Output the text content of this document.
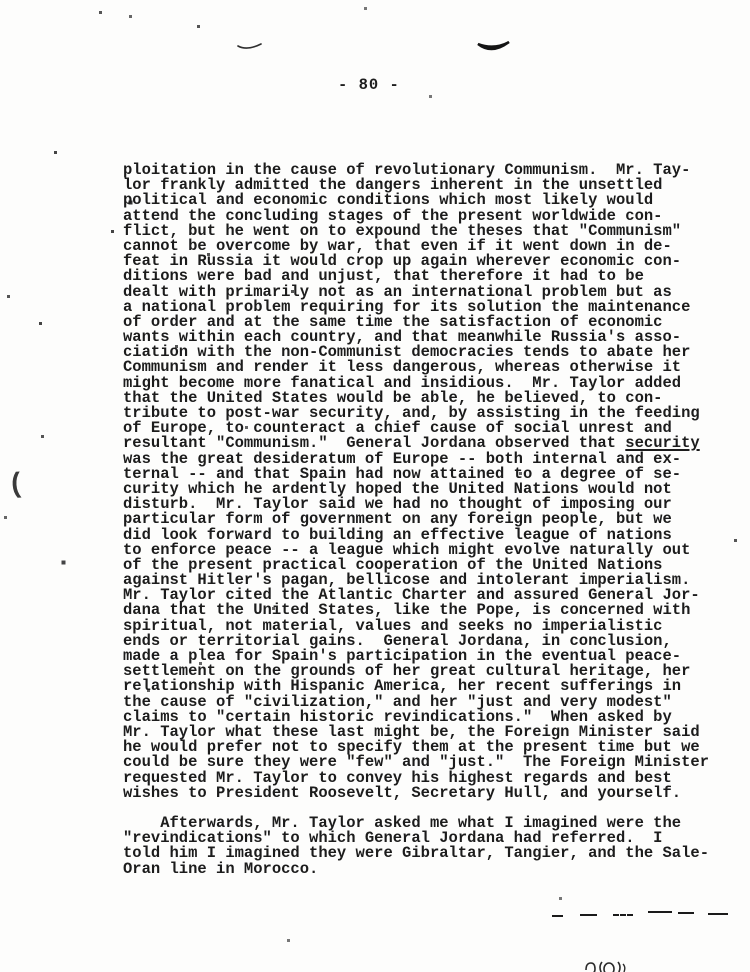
(
- 80 -
ploitation in the cause of revolutionary Communism.  Mr. Tay-
lor frankly admitted the dangers inherent in the unsettled
political and economic conditions which most likely would
attend the concluding stages of the present worldwide con-
flict, but he went on to expound the theses that "Communism"
cannot be overcome by war, that even if it went down in de-
feat in Russia it would crop up again wherever economic con-
ditions were bad and unjust, that therefore it had to be
dealt with primarily not as an international problem but as
a national problem requiring for its solution the maintenance
of order and at the same time the satisfaction of economic
wants within each country, and that meanwhile Russia's asso-
ciation with the non-Communist democracies tends to abate her
Communism and render it less dangerous, whereas otherwise it
might become more fanatical and insidious.  Mr. Taylor added
that the United States would be able, he believed, to con-
tribute to post-war security, and, by assisting in the feeding
of Europe, to counteract a chief cause of social unrest and
resultant "Communism."  General Jordana observed that security
was the great desideratum of Europe -- both internal and ex-
ternal -- and that Spain had now attained to a degree of se-
curity which he ardently hoped the United Nations would not
disturb.  Mr. Taylor said we had no thought of imposing our
particular form of government on any foreign people, but we
did look forward to building an effective league of nations
to enforce peace -- a league which might evolve naturally out
of the present practical cooperation of the United Nations
against Hitler's pagan, bellicose and intolerant imperialism.
Mr. Taylor cited the Atlantic Charter and assured General Jor-
dana that the United States, like the Pope, is concerned with
spiritual, not material, values and seeks no imperialistic
ends or territorial gains.  General Jordana, in conclusion,
made a plea for Spain's participation in the eventual peace-
settlement on the grounds of her great cultural heritage, her
relationship with Hispanic America, her recent sufferings in
the cause of "civilization," and her "just and very modest"
claims to "certain historic revindications."  When asked by
Mr. Taylor what these last might be, the Foreign Minister said
he would prefer not to specify them at the present time but we
could be sure they were "few" and "just."  The Foreign Minister
requested Mr. Taylor to convey his highest regards and best
wishes to President Roosevelt, Secretary Hull, and yourself.
Afterwards, Mr. Taylor asked me what I imagined were the
"revindications" to which General Jordana had referred.  I
told him I imagined they were Gibraltar, Tangier, and the Sale-
Oran line in Morocco.
